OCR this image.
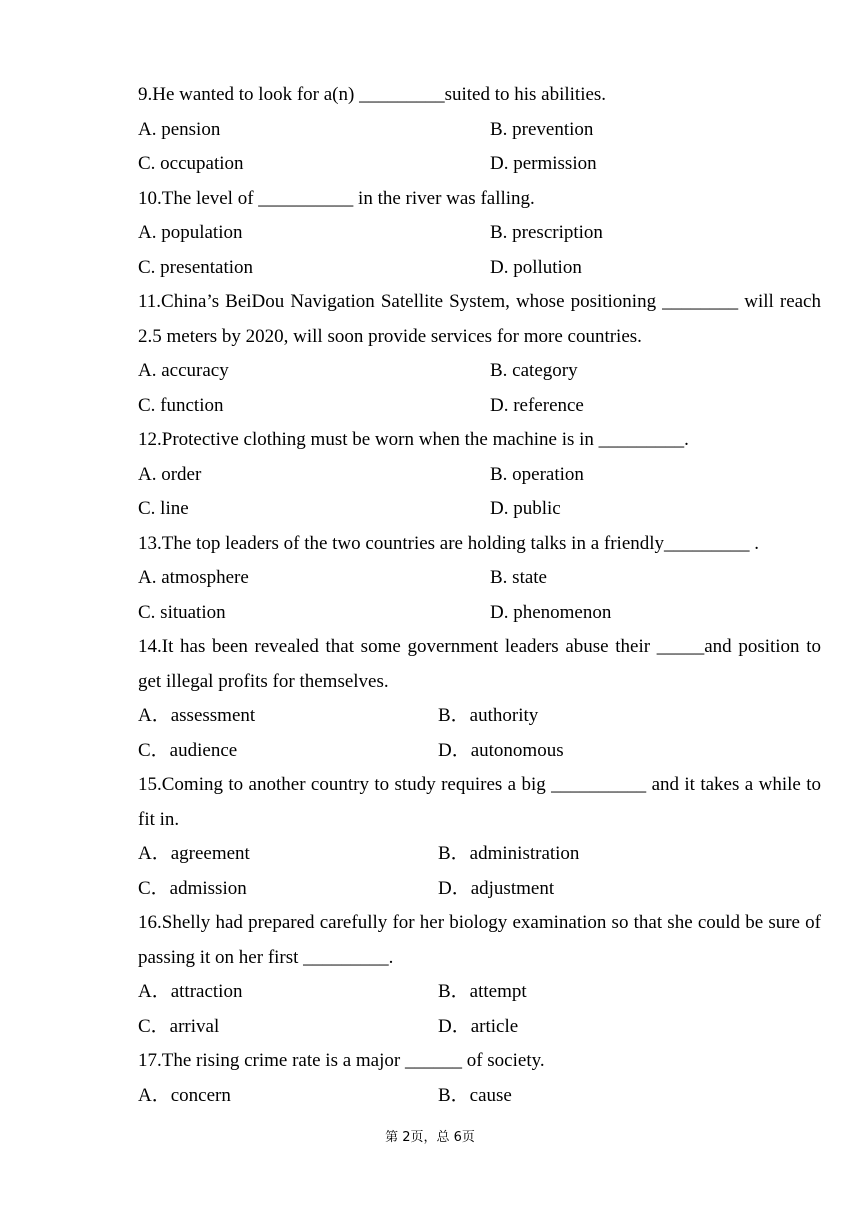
9.He wanted to look for a(n) _________suited to his abilities.

A. pension	B. prevention
C. occupation	D. permission

10.The level of __________ in the river was falling.

A. population	B. prescription
C. presentation	D. pollution

11.China’s BeiDou Navigation Satellite System, whose positioning ________ will reach 2.5 meters by 2020, will soon provide services for more countries.

A. accuracy	B. category
C. function	D. reference

12.Protective clothing must be worn when the machine is in _________.

A. order	B. operation
C. line	D. public

13.The top leaders of the two countries are holding talks in a friendly_________ .

A. atmosphere	B. state
C. situation	D. phenomenon

14.It has been revealed that some government leaders abuse their _____and position to get illegal profits for themselves.

A．assessment	B．authority
C．audience	D．autonomous

15.Coming to another country to study requires a big __________ and it takes a while to fit in.

A．agreement	B．administration
C．admission	D．adjustment

16.Shelly had prepared carefully for her biology examination so that she could be sure of passing it on her first _________.

A．attraction	B．attempt
C．arrival	D．article

17.The rising crime rate is a major ______ of society.

A．concern	B．cause
第 2页，总 6页
